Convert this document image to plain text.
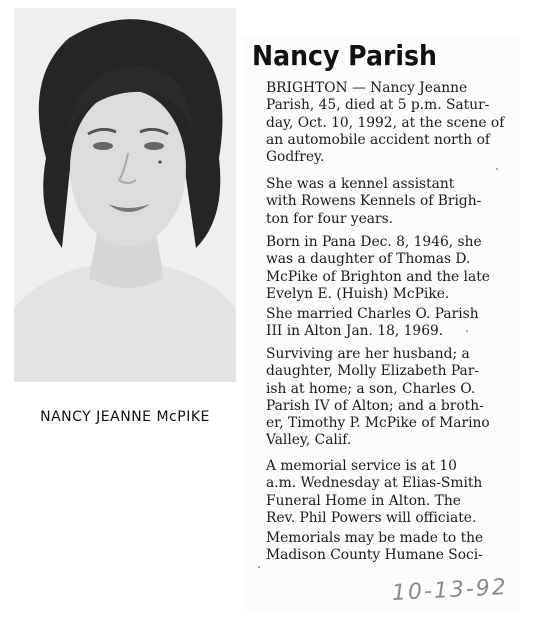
NANCY JEANNE McPIKE
Nancy Parish

BRIGHTON — Nancy Jeanne
Parish, 45, died at 5 p.m. Satur-
day, Oct. 10, 1992, at the scene of
an automobile accident north of
Godfrey.

She was a kennel assistant
with Rowens Kennels of Brigh-
ton for four years.

Born in Pana Dec. 8, 1946, she
was a daughter of Thomas D.
McPike of Brighton and the late
Evelyn E. (Huish) McPike.

She married Charles O. Parish
III in Alton Jan. 18, 1969.

Surviving are her husband; a
daughter, Molly Elizabeth Par-
ish at home; a son, Charles O.
Parish IV of Alton; and a broth-
er, Timothy P. McPike of Marino
Valley, Calif.

A memorial service is at 10
a.m. Wednesday at Elias-Smith
Funeral Home in Alton. The
Rev. Phil Powers will officiate.

Memorials may be made to the
Madison County Humane Soci-

10-13-92
